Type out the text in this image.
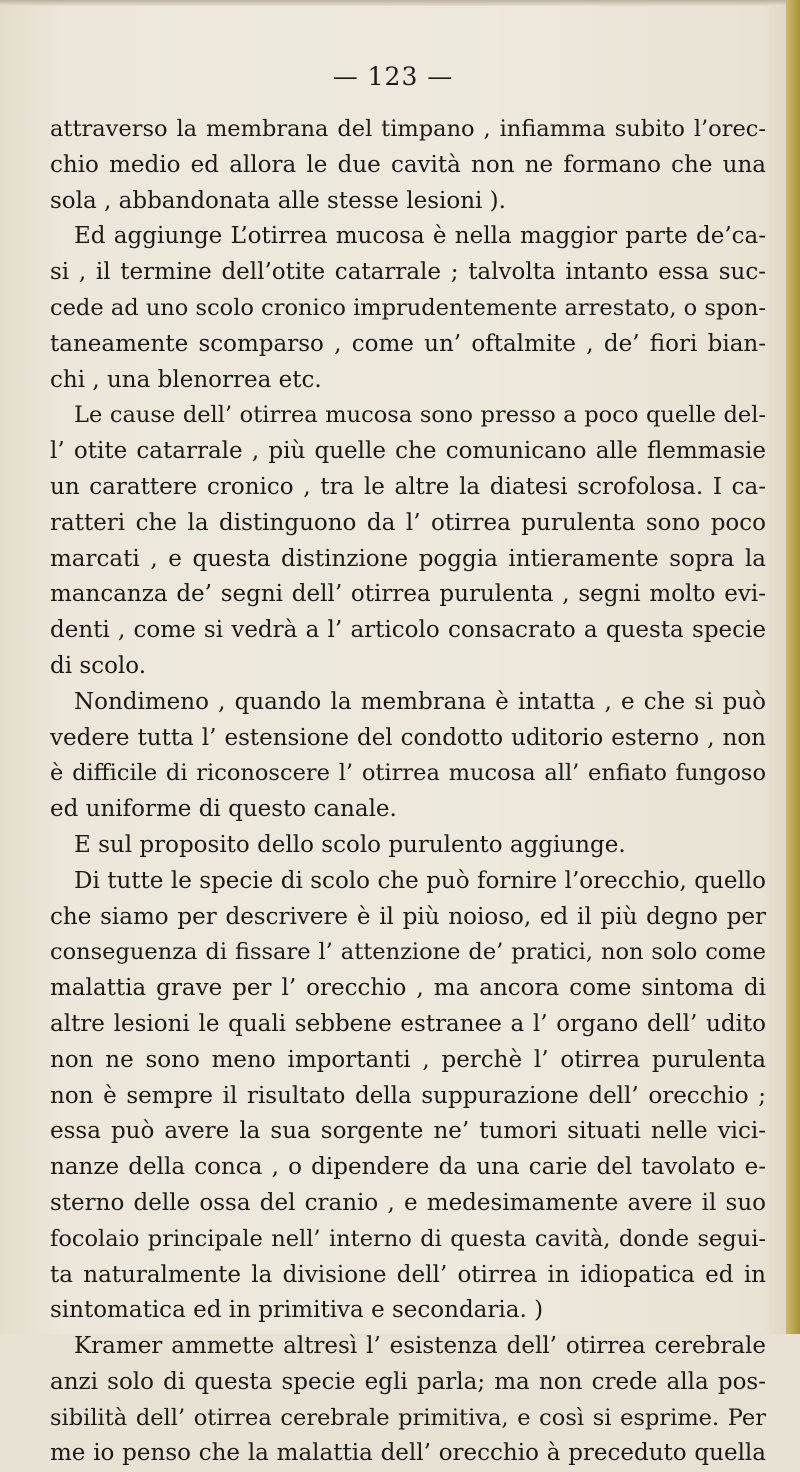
— 123 —
attraverso la membrana del timpano , infiamma subito l’orec-
chio medio ed allora le due cavità non ne formano che una
sola , abbandonata alle stesse lesioni ).
Ed aggiunge L’otirrea mucosa è nella maggior parte de’ca-
si , il termine dell’otite catarrale ; talvolta intanto essa suc-
cede ad uno scolo cronico imprudentemente arrestato, o spon-
taneamente scomparso , come un’ oftalmite , de’ fiori bian-
chi , una blenorrea etc.
Le cause dell’ otirrea mucosa sono presso a poco quelle del-
l’ otite catarrale , più quelle che comunicano alle flemmasie
un carattere cronico , tra le altre la diatesi scrofolosa. I ca-
ratteri che la distinguono da l’ otirrea purulenta sono poco
marcati , e questa distinzione poggia intieramente sopra la
mancanza de’ segni dell’ otirrea purulenta , segni molto evi-
denti , come si vedrà a l’ articolo consacrato a questa specie
di scolo.
Nondimeno , quando la membrana è intatta , e che si può
vedere tutta l’ estensione del condotto uditorio esterno , non
è difficile di riconoscere l’ otirrea mucosa all’ enfiato fungoso
ed uniforme di questo canale.
E sul proposito dello scolo purulento aggiunge.
Di tutte le specie di scolo che può fornire l’orecchio, quello
che siamo per descrivere è il più noioso, ed il più degno per
conseguenza di fissare l’ attenzione de’ pratici, non solo come
malattia grave per l’ orecchio , ma ancora come sintoma di
altre lesioni le quali sebbene estranee a l’ organo dell’ udito
non ne sono meno importanti , perchè l’ otirrea purulenta
non è sempre il risultato della suppurazione dell’ orecchio ;
essa può avere la sua sorgente ne’ tumori situati nelle vici-
nanze della conca , o dipendere da una carie del tavolato e-
sterno delle ossa del cranio , e medesimamente avere il suo
focolaio principale nell’ interno di questa cavità, donde segui-
ta naturalmente la divisione dell’ otirrea in idiopatica ed in
sintomatica ed in primitiva e secondaria. )
Kramer ammette altresì l’ esistenza dell’ otirrea cerebrale
anzi solo di questa specie egli parla; ma non crede alla pos-
sibilità dell’ otirrea cerebrale primitiva, e così si esprime. Per
me io penso che la malattia dell’ orecchio à preceduto quella
